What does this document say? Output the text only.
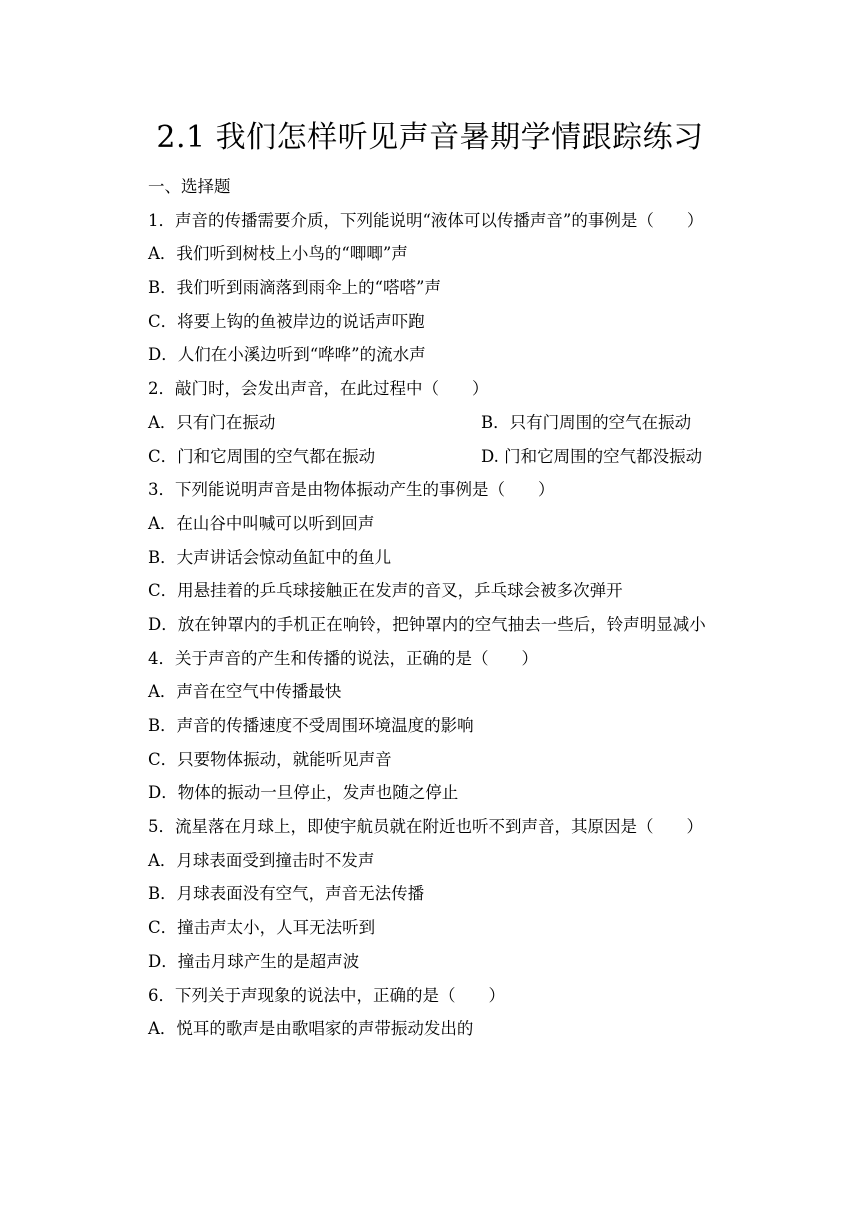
2.1 我们怎样听见声音暑期学情跟踪练习
一、选择题
1．声音的传播需要介质，下列能说明“液体可以传播声音”的事例是（　　）
A．我们听到树枝上小鸟的“唧唧”声
B．我们听到雨滴落到雨伞上的“嗒嗒”声
C．将要上钩的鱼被岸边的说话声吓跑
D．人们在小溪边听到“哗哗”的流水声
2．敲门时，会发出声音，在此过程中（　　）
A．只有门在振动	B．只有门周围的空气在振动
C．门和它周围的空气都在振动	D. 门和它周围的空气都没振动
3．下列能说明声音是由物体振动产生的事例是（　　）
A．在山谷中叫喊可以听到回声
B．大声讲话会惊动鱼缸中的鱼儿
C．用悬挂着的乒乓球接触正在发声的音叉，乒乓球会被多次弹开
D．放在钟罩内的手机正在响铃，把钟罩内的空气抽去一些后，铃声明显减小
4．关于声音的产生和传播的说法，正确的是（　　）
A．声音在空气中传播最快
B．声音的传播速度不受周围环境温度的影响
C．只要物体振动，就能听见声音
D．物体的振动一旦停止，发声也随之停止
5．流星落在月球上，即使宇航员就在附近也听不到声音，其原因是（　　）
A．月球表面受到撞击时不发声
B．月球表面没有空气，声音无法传播
C．撞击声太小，人耳无法听到
D．撞击月球产生的是超声波
6．下列关于声现象的说法中，正确的是（　　）
A．悦耳的歌声是由歌唱家的声带振动发出的
